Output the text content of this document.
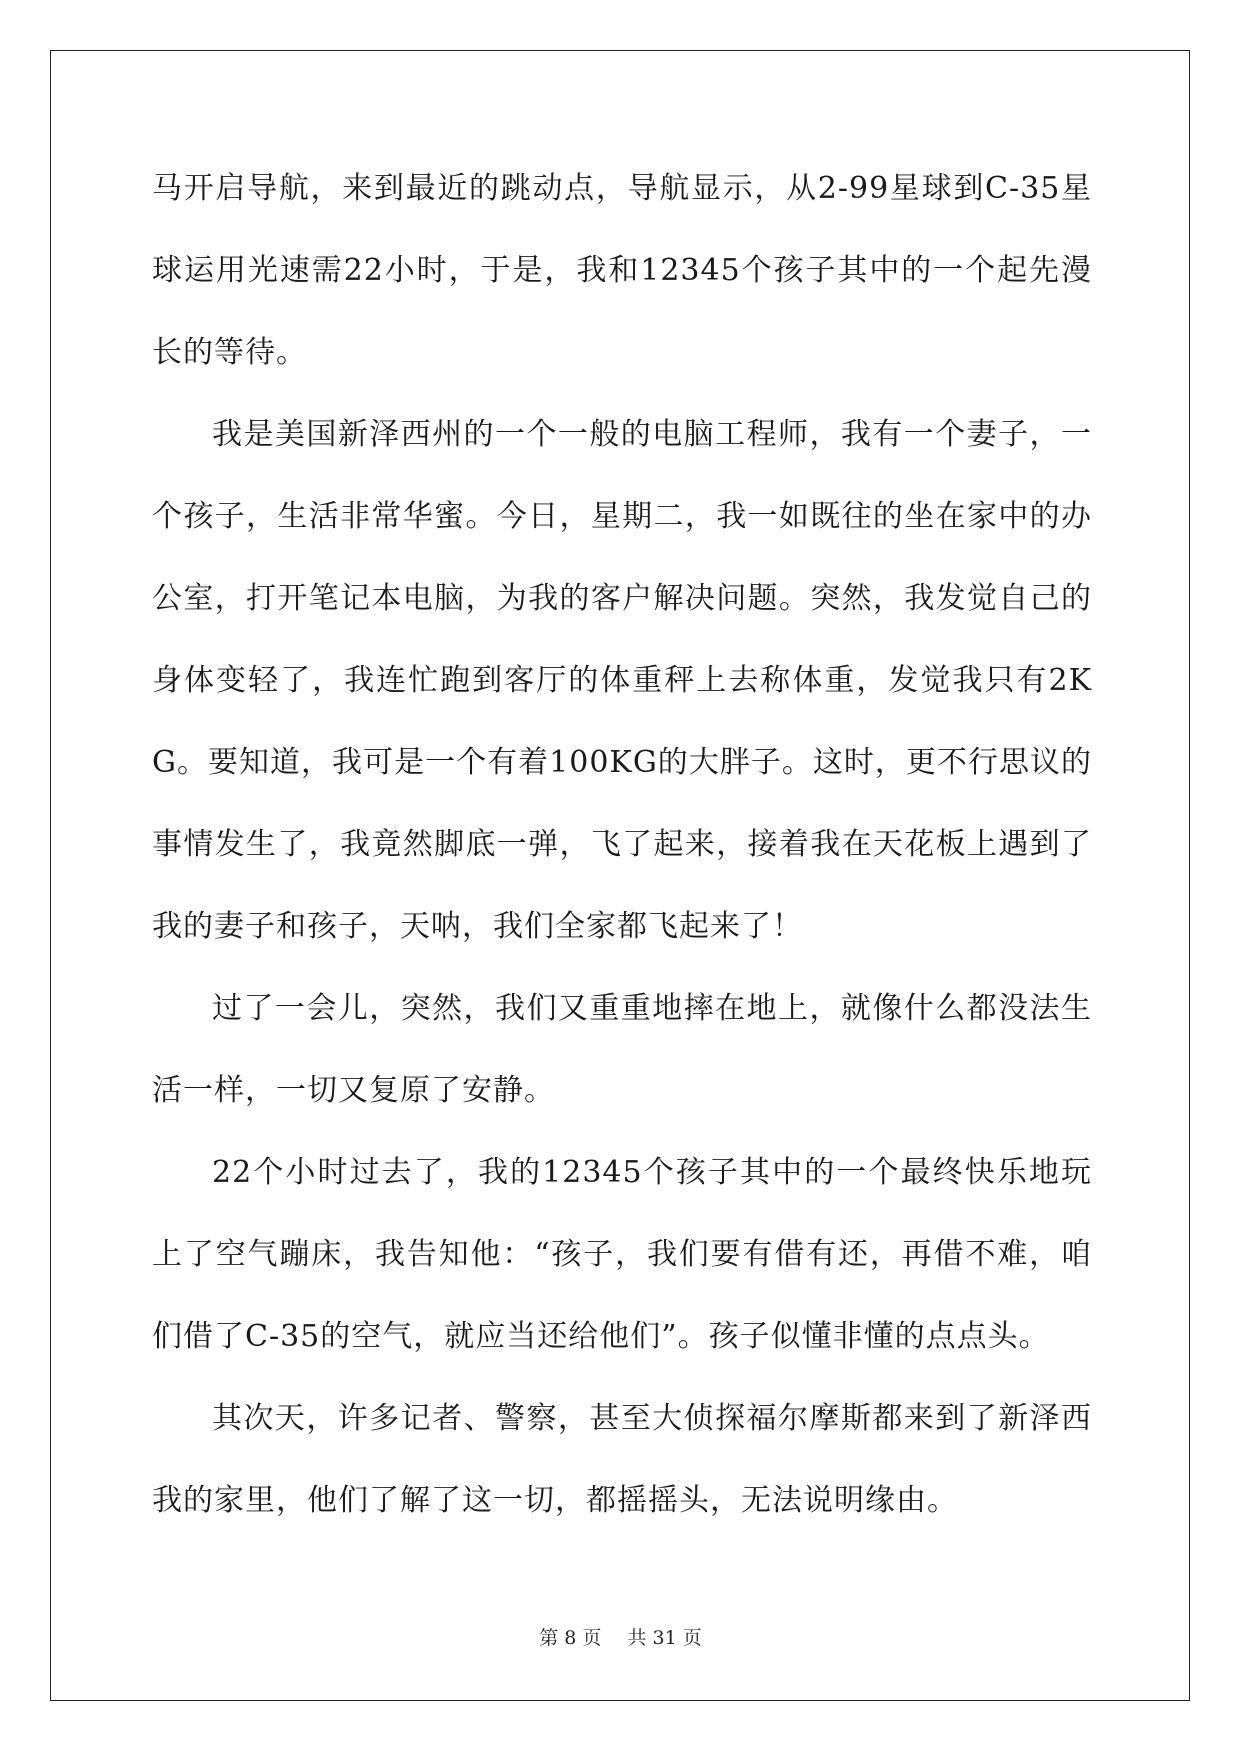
马开启导航，来到最近的跳动点，导航显示，从2-99星球到C-35星球运用光速需22小时，于是，我和12345个孩子其中的一个起先漫长的等待。

我是美国新泽西州的一个一般的电脑工程师，我有一个妻子，一个孩子，生活非常华蜜。今日，星期二，我一如既往的坐在家中的办公室，打开笔记本电脑，为我的客户解决问题。突然，我发觉自己的身体变轻了，我连忙跑到客厅的体重秤上去称体重，发觉我只有2KG。要知道，我可是一个有着100KG的大胖子。这时，更不行思议的事情发生了，我竟然脚底一弹，飞了起来，接着我在天花板上遇到了我的妻子和孩子，天呐，我们全家都飞起来了！

过了一会儿，突然，我们又重重地摔在地上，就像什么都没法生活一样，一切又复原了安静。

22个小时过去了，我的12345个孩子其中的一个最终快乐地玩上了空气蹦床，我告知他：“孩子，我们要有借有还，再借不难，咱们借了C-35的空气，就应当还给他们”。孩子似懂非懂的点点头。

其次天，许多记者、警察，甚至大侦探福尔摩斯都来到了新泽西我的家里，他们了解了这一切，都摇摇头，无法说明缘由。

第 8 页 共 31 页
